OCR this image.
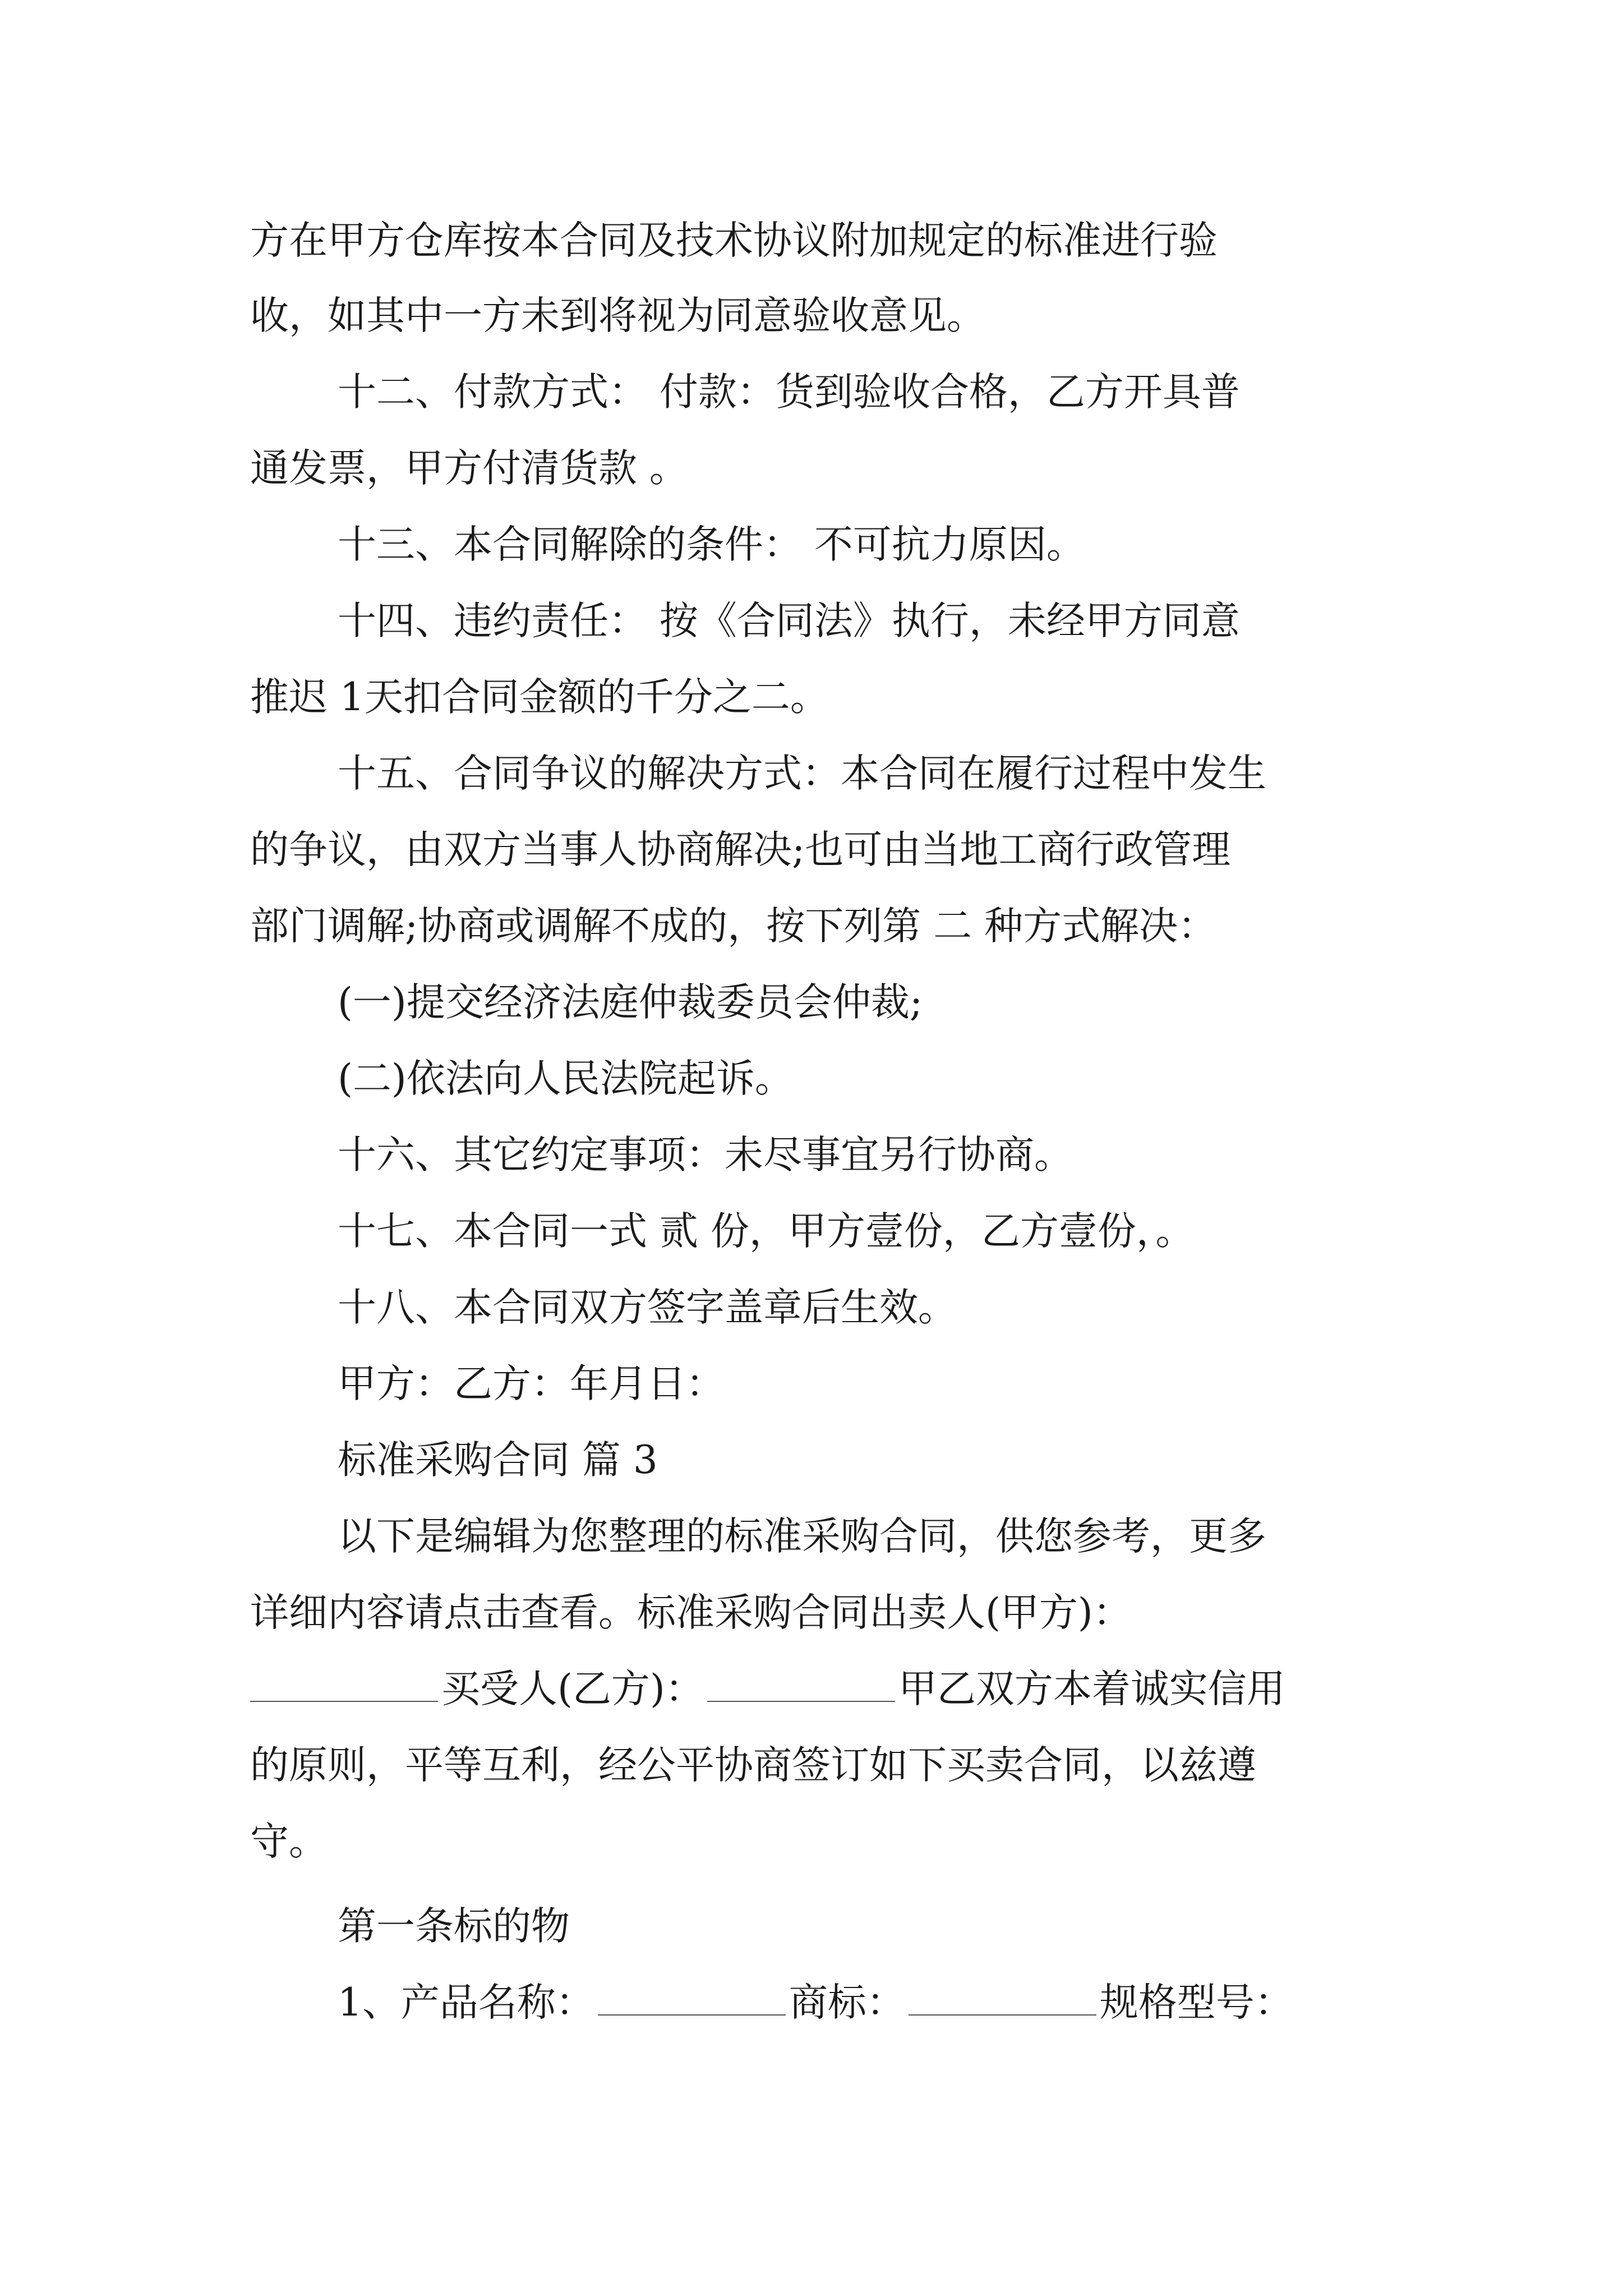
方在甲方仓库按本合同及技术协议附加规定的标准进行验

收，如其中一方未到将视为同意验收意见。

十二、付款方式： 付款：货到验收合格，乙方开具普

通发票，甲方付清货款 。

十三、本合同解除的条件： 不可抗力原因。

十四、违约责任： 按《合同法》执行，未经甲方同意

推迟 1天扣合同金额的千分之二。

十五、合同争议的解决方式：本合同在履行过程中发生

的争议，由双方当事人协商解决;也可由当地工商行政管理

部门调解;协商或调解不成的，按下列第 二 种方式解决：

(一)提交经济法庭仲裁委员会仲裁;

(二)依法向人民法院起诉。

十六、其它约定事项：未尽事宜另行协商。

十七、本合同一式 贰 份，甲方壹份，乙方壹份，。

十八、本合同双方签字盖章后生效。

甲方：乙方：年月日：

标准采购合同 篇 3

以下是编辑为您整理的标准采购合同，供您参考，更多

详细内容请点击查看。标准采购合同出卖人(甲方)：

买受人(乙方)：	甲乙双方本着诚实信用

的原则，平等互利，经公平协商签订如下买卖合同，以兹遵

守。

第一条标的物

1、产品名称：	商标：	规格型号：
